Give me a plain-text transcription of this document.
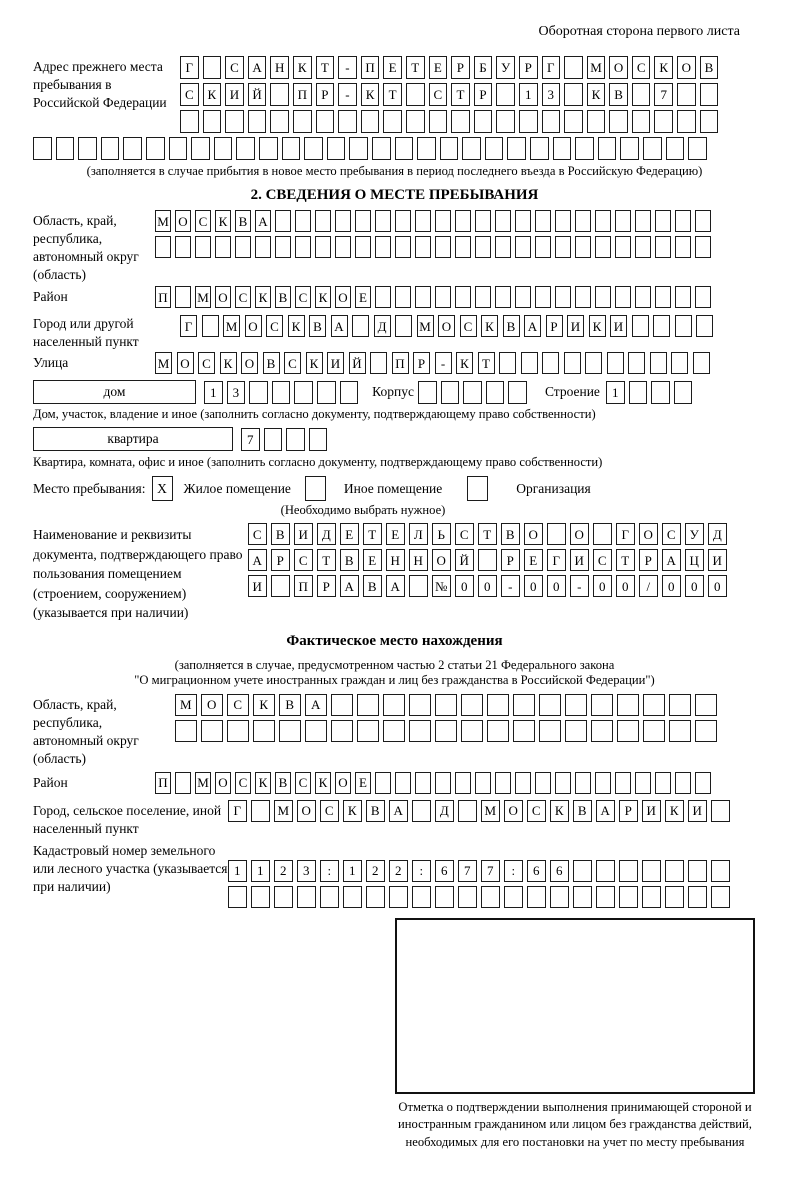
Оборотная сторона первого листа
Адрес прежнего места пребывания в Российской Федерации
Г	С	А	Н	К	Т	-	П	Е	Т	Е	Р	Б	У	Р	Г	М О	С	К	О	В
С	К	И	Й	П	Р	-	К	Т	С	Т	Р	1	3	К	В	7
(заполняется в случае прибытия в новое место пребывания в период последнего въезда в Российскую Федерацию)
2. СВЕДЕНИЯ О МЕСТЕ ПРЕБЫВАНИЯ
Область, край, республика, автономный округ (область)
М О С К В А
Район	П М О С К В С К О Е
Город или другой населенный пункт
Г	М О С К В А	Д	М О С К В А	Р	И К И
Улица	М О С К О В С К И Й	П	Р	-	К	Т
дом	1	3	Корпус	Строение 1
Дом, участок, владение и иное (заполнить согласно документу, подтверждающему право собственности)
квартира	7
Квартира, комната, офис и иное (заполнить согласно документу, подтверждающему право собственности)
Место пребывания: X	Жилое помещение	Иное помещение	Организация
(Необходимо выбрать нужное)
Наименование и реквизиты документа, подтверждающего право пользования помещением (строением, сооружением) (указывается при наличии)
С	В	И	Д	Е	Т	Е	Л	Ь	С	Т	В	О	О	Г	О	С	У	Д
А	Р	С	Т	В	Е	Н	Н	О	Й	Р	Е	Г	И	С	Т	Р	А	Ц	И
И	П	Р	А	В	А	№	0	0	-	0	0	-	0	0	/	0	0	0
Фактическое место нахождения
(заполняется в случае, предусмотренном частью 2 статьи 21 Федерального закона
"О миграционном учете иностранных граждан и лиц без гражданства в Российской Федерации")
Область, край, республика, автономный округ (область)
М	О	С	К	В	А
Район	П М О С К В С К О Е
Город, сельское поселение, иной населенный пункт
Г	М О	С	К	В	А	Д	М О	С	К	В	А	Р	И	К	И
Кадастровый номер земельного или лесного участка (указывается при наличии)
1	1	2	3	:	1	2	2	:	6	7	7	:	6	6
Отметка о подтверждении выполнения принимающей стороной и иностранным гражданином или лицом без гражданства действий, необходимых для его постановки на учет по месту пребывания
